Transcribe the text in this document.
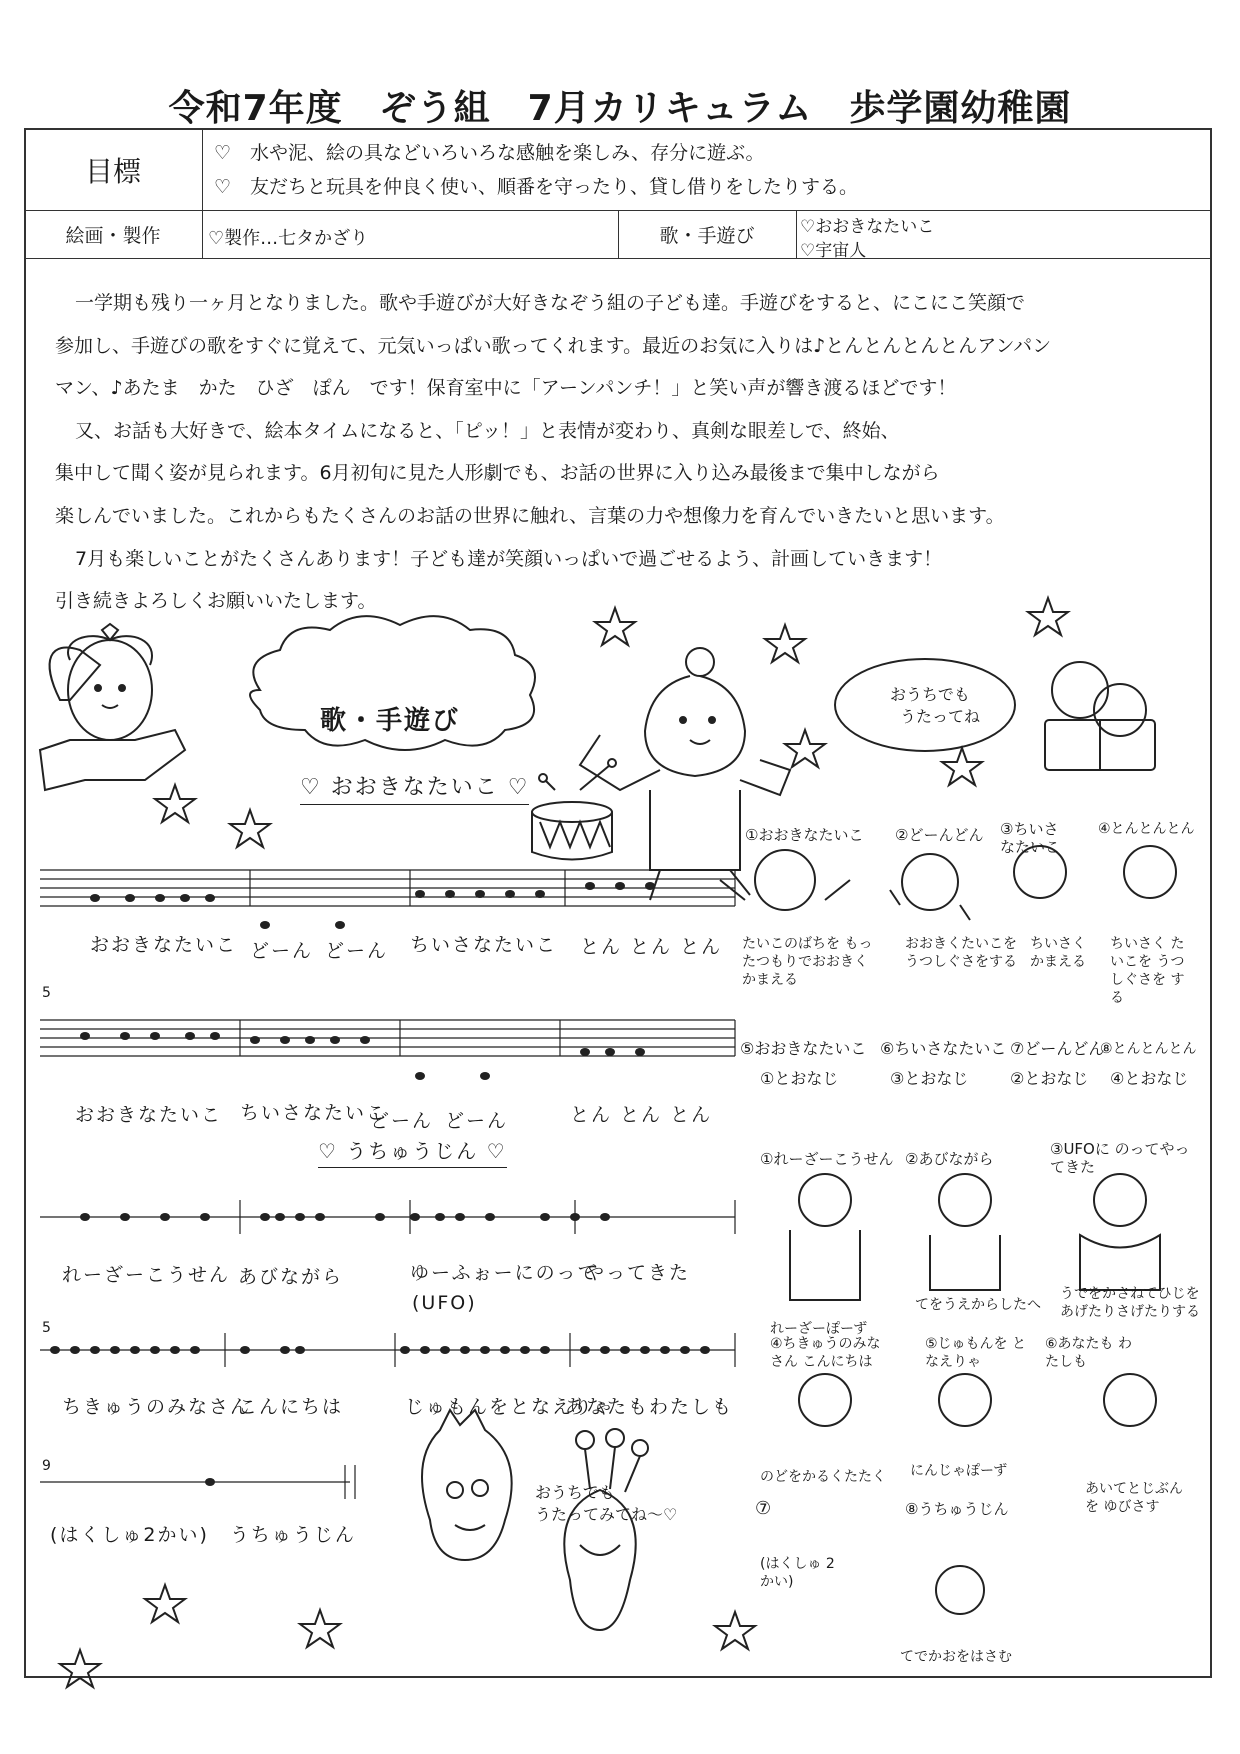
令和7年度　ぞう組　7月カリキュラム　歩学園幼稚園
目標
♡　水や泥、絵の具などいろいろな感触を楽しみ、存分に遊ぶ。
♡　友だちと玩具を仲良く使い、順番を守ったり、貸し借りをしたりする。
絵画・製作	♡製作…七タかざり	歌・手遊び	♡おおきなたいこ
♡宇宙人
一学期も残り一ヶ月となりました。歌や手遊びが大好きなぞう組の子ども達。手遊びをすると、にこにこ笑顔で
参加し、手遊びの歌をすぐに覚えて、元気いっぱい歌ってくれます。最近のお気に入りは♪とんとんとんとんアンパン
マン、♪あたま　かた　ひざ　ぽん　です！保育室中に「アーンパンチ！」と笑い声が響き渡るほどです！
又、お話も大好きで、絵本タイムになると、「ピッ！」と表情が変わり、真剣な眼差しで、終始、
集中して聞く姿が見られます。6月初旬に見た人形劇でも、お話の世界に入り込み最後まで集中しながら
楽しんでいました。これからもたくさんのお話の世界に触れ、言葉の力や想像力を育んでいきたいと思います。
7月も楽しいことがたくさんあります！子ども達が笑顔いっぱいで過ごせるよう、計画していきます！
引き続きよろしくお願いいたします。
歌・手遊び
おうちでも
うたってね
♡ おおきなたいこ ♡
おおきなたいこ どーん どーん ちいさなたいこ とん とん とん
5
おおきなたいこ ちいさなたいこ
どーん どーん	とん とん とん
①おおきなたいこ ②どーんどん ③ちいさなたいこ
④とんとんとん
たいこのばちを もったつもりでおおきく かまえる
おおきくたいこを うつしぐさをする
ちいさく かまえる
ちいさく たいこを うつしぐさを する
⑤おおきなたいこ ⑥ちいさなたいこ ⑦どーんどん
⑧とんとんとん
①とおなじ	③とおなじ	②とおなじ ④とおなじ
♡ うちゅうじん ♡
れーざーこうせん あびながら	ゆーふぉーにのって
やってきた
(UFO)
5
ちきゅうのみなさん
こんにちは	じゅもんをとなえりゃ
あなたもわたしも
9
(はくしゅ2かい)　うちゅうじん
①れーざーこうせん ②あびながら
③UFOに のってやってきた
れーざーぽーず
てをうえからしたへ
うでをかさねてひじを あげたりさげたりする
④ちきゅうのみなさん こんにちは
⑤じゅもんを となえりゃ
⑥あなたも わたしも
のどをかるくたたく にんじゃぽーず
あいてとじぶんを ゆびさす
⑦
(はくしゅ 2かい)
⑧うちゅうじん
てでかおをはさむ
おうちでも
うたってみてね～♡
